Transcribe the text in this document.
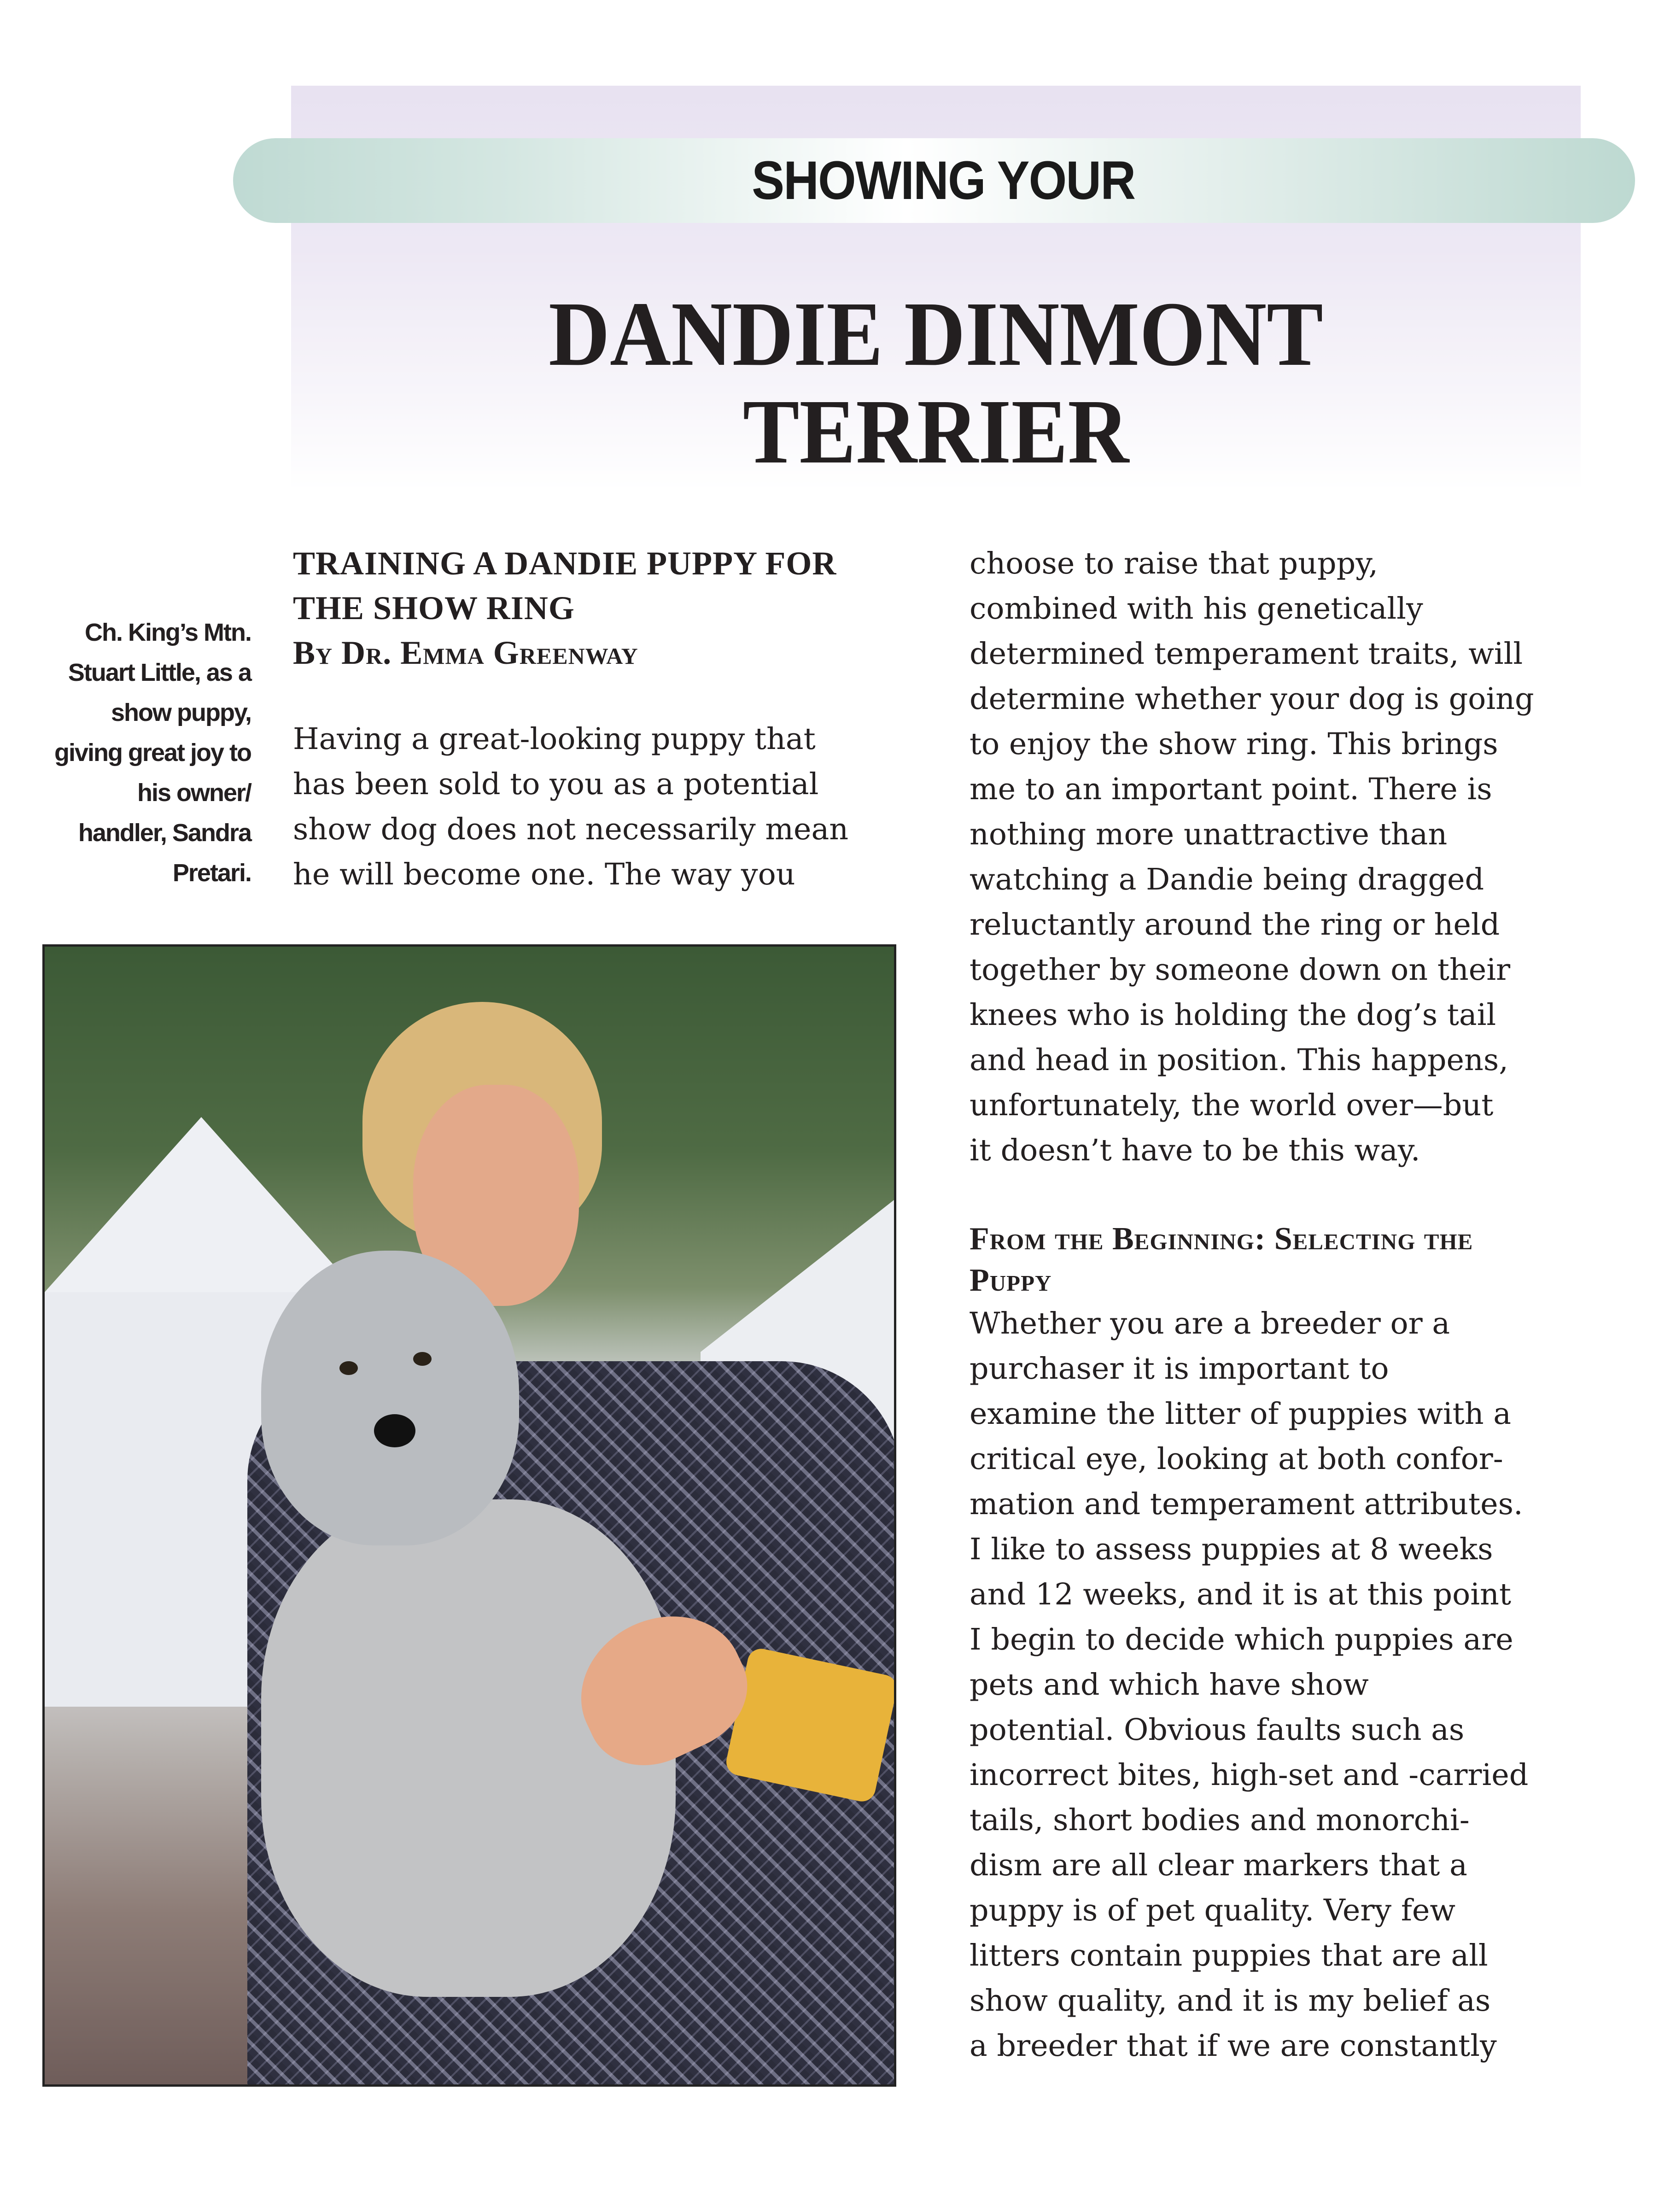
SHOWING YOUR
DANDIE DINMONT
TERRIER
Ch. King’s Mtn.
Stuart Little, as a
show puppy,
giving great joy to
his owner/
handler, Sandra
Pretari.
TRAINING A DANDIE PUPPY FOR
THE SHOW RING
By Dr. Emma Greenway
Having a great-looking puppy that
has been sold to you as a potential
show dog does not necessarily mean
he will become one. The way you
choose to raise that puppy,
combined with his genetically
determined temperament traits, will
determine whether your dog is going
to enjoy the show ring. This brings
me to an important point. There is
nothing more unattractive than
watching a Dandie being dragged
reluctantly around the ring or held
together by someone down on their
knees who is holding the dog’s tail
and head in position. This happens,
unfortunately, the world over—but
it doesn’t have to be this way.
From the Beginning: Selecting the
Puppy
Whether you are a breeder or a
purchaser it is important to
examine the litter of puppies with a
critical eye, looking at both confor-
mation and temperament attributes.
I like to assess puppies at 8 weeks
and 12 weeks, and it is at this point
I begin to decide which puppies are
pets and which have show
potential. Obvious faults such as
incorrect bites, high-set and -carried
tails, short bodies and monorchi-
dism are all clear markers that a
puppy is of pet quality. Very few
litters contain puppies that are all
show quality, and it is my belief as
a breeder that if we are constantly
